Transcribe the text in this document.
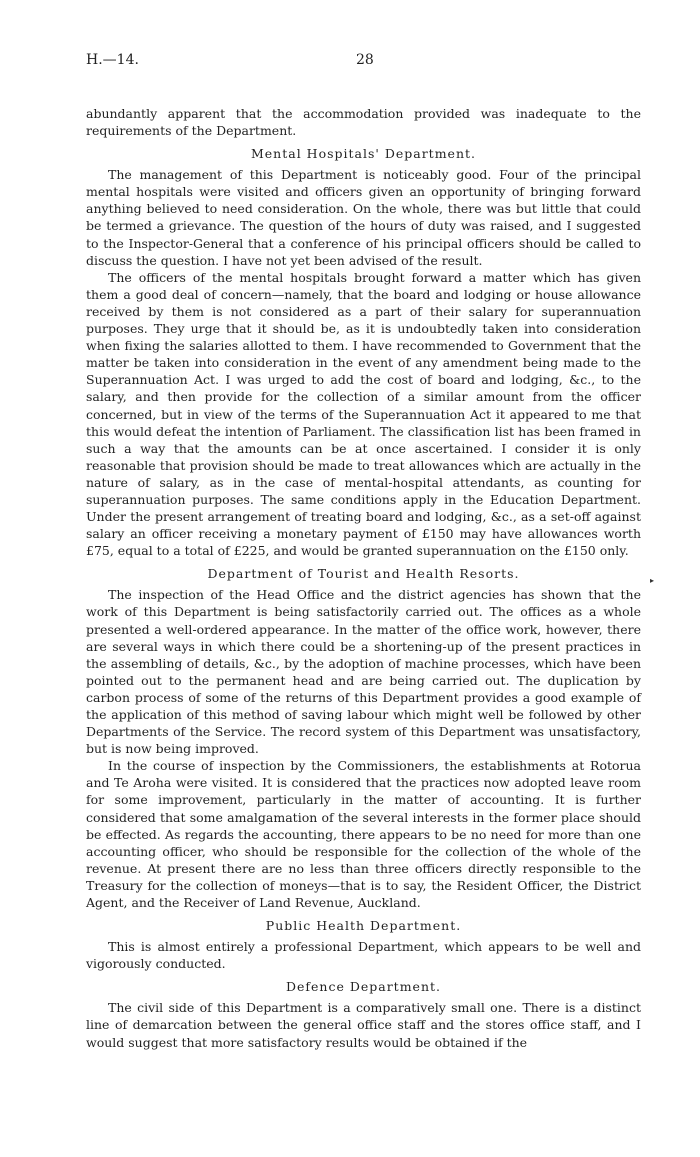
H.—14.	28

abundantly apparent that the accommodation provided was inadequate to the requirements of the Department.

Mental Hospitals' Department.

The management of this Department is noticeably good. Four of the principal mental hospitals were visited and officers given an opportunity of bringing forward anything believed to need consideration. On the whole, there was but little that could be termed a grievance. The question of the hours of duty was raised, and I suggested to the Inspector-General that a conference of his principal officers should be called to discuss the question. I have not yet been advised of the result.

The officers of the mental hospitals brought forward a matter which has given them a good deal of concern—namely, that the board and lodging or house allowance received by them is not considered as a part of their salary for superannuation purposes. They urge that it should be, as it is undoubtedly taken into consideration when fixing the salaries allotted to them. I have recommended to Government that the matter be taken into consideration in the event of any amendment being made to the Superannuation Act. I was urged to add the cost of board and lodging, &c., to the salary, and then provide for the collection of a similar amount from the officer concerned, but in view of the terms of the Superannuation Act it appeared to me that this would defeat the intention of Parliament. The classification list has been framed in such a way that the amounts can be at once ascertained. I consider it is only reasonable that provision should be made to treat allowances which are actually in the nature of salary, as in the case of mental-hospital attendants, as counting for superannuation purposes. The same conditions apply in the Education Department. Under the present arrangement of treating board and lodging, &c., as a set-off against salary an officer receiving a monetary payment of £150 may have allowances worth £75, equal to a total of £225, and would be granted superannuation on the £150 only.

Department of Tourist and Health Resorts.

The inspection of the Head Office and the district agencies has shown that the work of this Department is being satisfactorily carried out. The offices as a whole presented a well-ordered appearance. In the matter of the office work, however, there are several ways in which there could be a shortening-up of the present practices in the assembling of details, &c., by the adoption of machine processes, which have been pointed out to the permanent head and are being carried out. The duplication by carbon process of some of the returns of this Department provides a good example of the application of this method of saving labour which might well be followed by other Departments of the Service. The record system of this Department was unsatisfactory, but is now being improved.

In the course of inspection by the Commissioners, the establishments at Rotorua and Te Aroha were visited. It is considered that the practices now adopted leave room for some improvement, particularly in the matter of accounting. It is further considered that some amalgamation of the several interests in the former place should be effected. As regards the accounting, there appears to be no need for more than one accounting officer, who should be responsible for the collection of the whole of the revenue. At present there are no less than three officers directly responsible to the Treasury for the collection of moneys—that is to say, the Resident Officer, the District Agent, and the Receiver of Land Revenue, Auckland.

Public Health Department.

This is almost entirely a professional Department, which appears to be well and vigorously conducted.

Defence Department.

The civil side of this Department is a comparatively small one. There is a distinct line of demarcation between the general office staff and the stores office staff, and I would suggest that more satisfactory results would be obtained if the

▸
